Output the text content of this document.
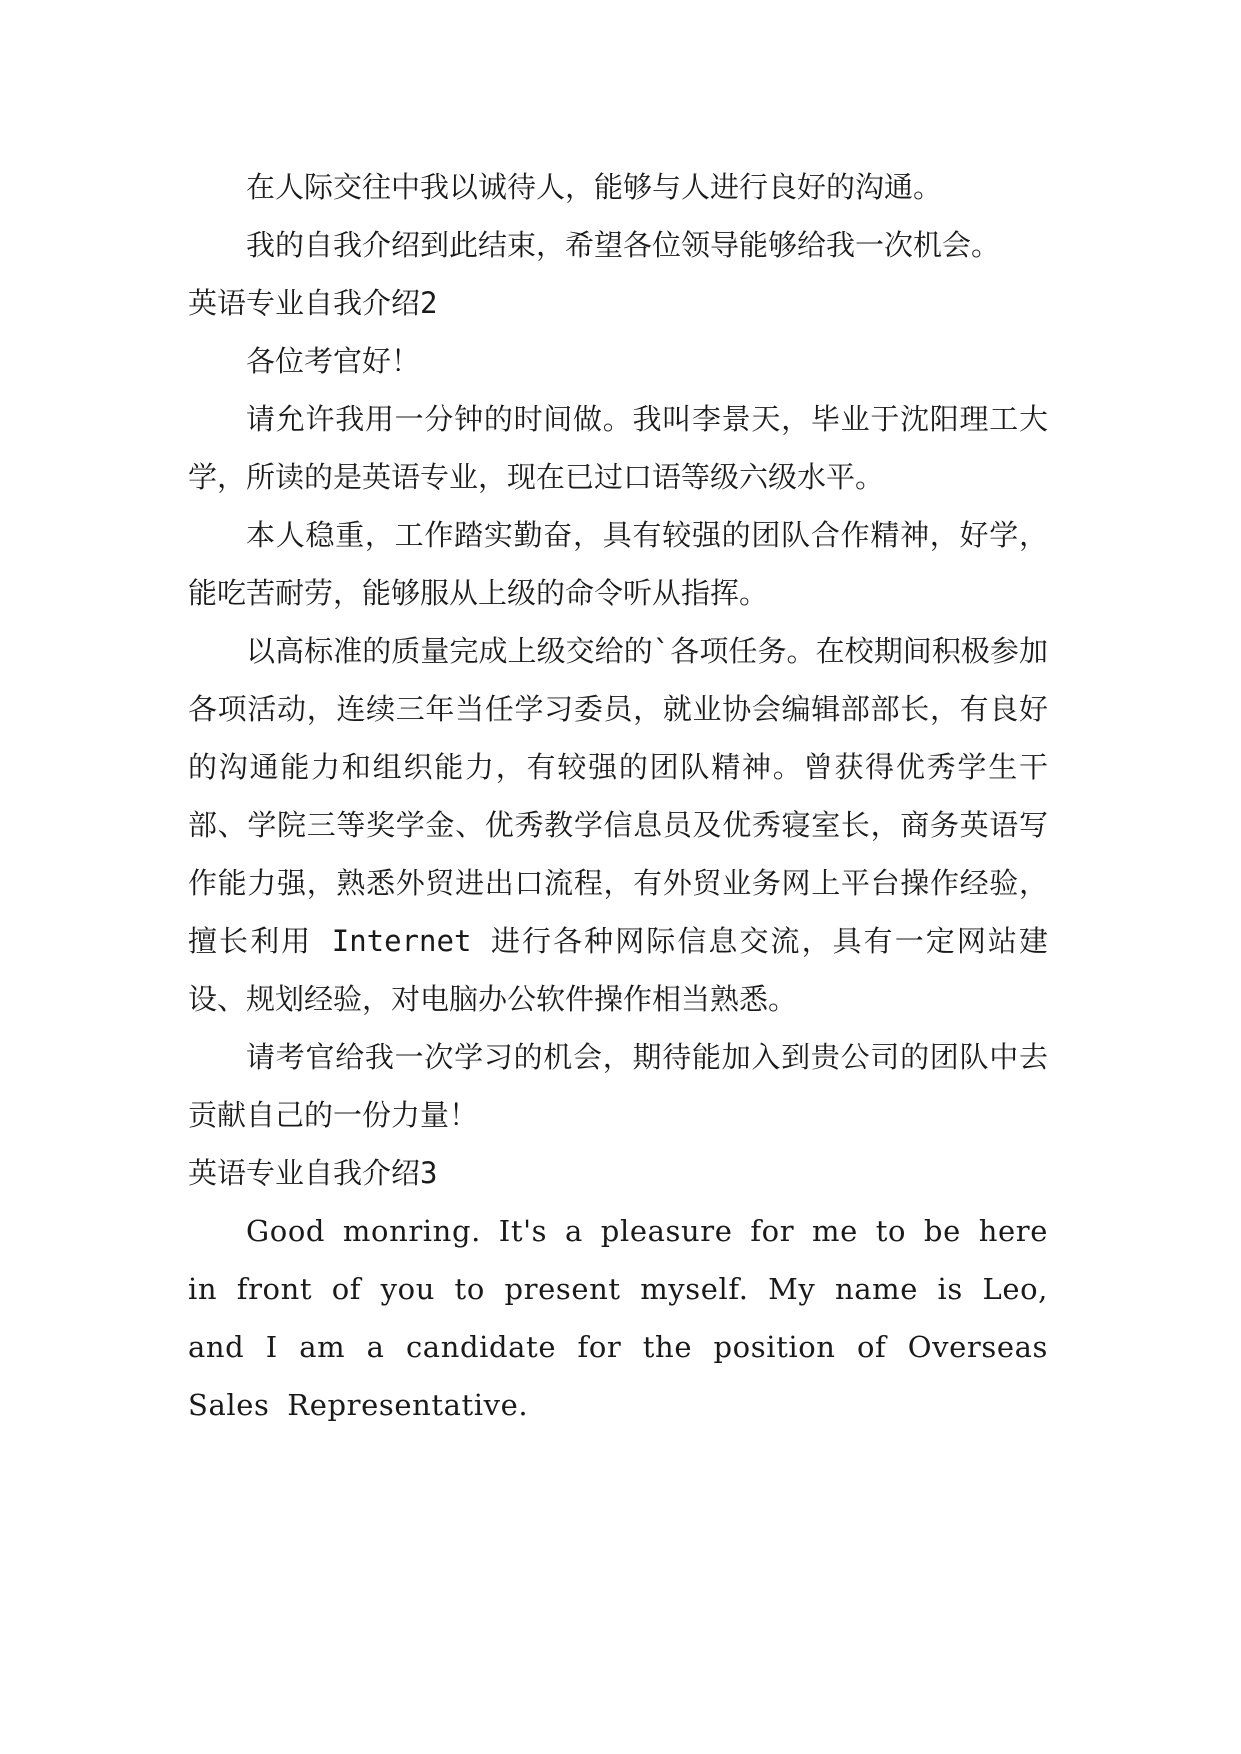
在人际交往中我以诚待人，能够与人进行良好的沟通。

我的自我介绍到此结束，希望各位领导能够给我一次机会。

英语专业自我介绍2

各位考官好！

请允许我用一分钟的时间做。我叫李景天，毕业于沈阳理工大学，所读的是英语专业，现在已过口语等级六级水平。

本人稳重，工作踏实勤奋，具有较强的团队合作精神，好学，能吃苦耐劳，能够服从上级的命令听从指挥。

以高标准的质量完成上级交给的`各项任务。在校期间积极参加各项活动，连续三年当任学习委员，就业协会编辑部部长，有良好的沟通能力和组织能力，有较强的团队精神。曾获得优秀学生干部、学院三等奖学金、优秀教学信息员及优秀寝室长，商务英语写作能力强，熟悉外贸进出口流程，有外贸业务网上平台操作经验，擅长利用 Internet 进行各种网际信息交流，具有一定网站建设、规划经验，对电脑办公软件操作相当熟悉。

请考官给我一次学习的机会，期待能加入到贵公司的团队中去贡献自己的一份力量！

英语专业自我介绍3

Good monring. It's a pleasure for me to be here in front of you to present myself. My name is Leo, and I am a candidate for the position of Overseas Sales Representative.
